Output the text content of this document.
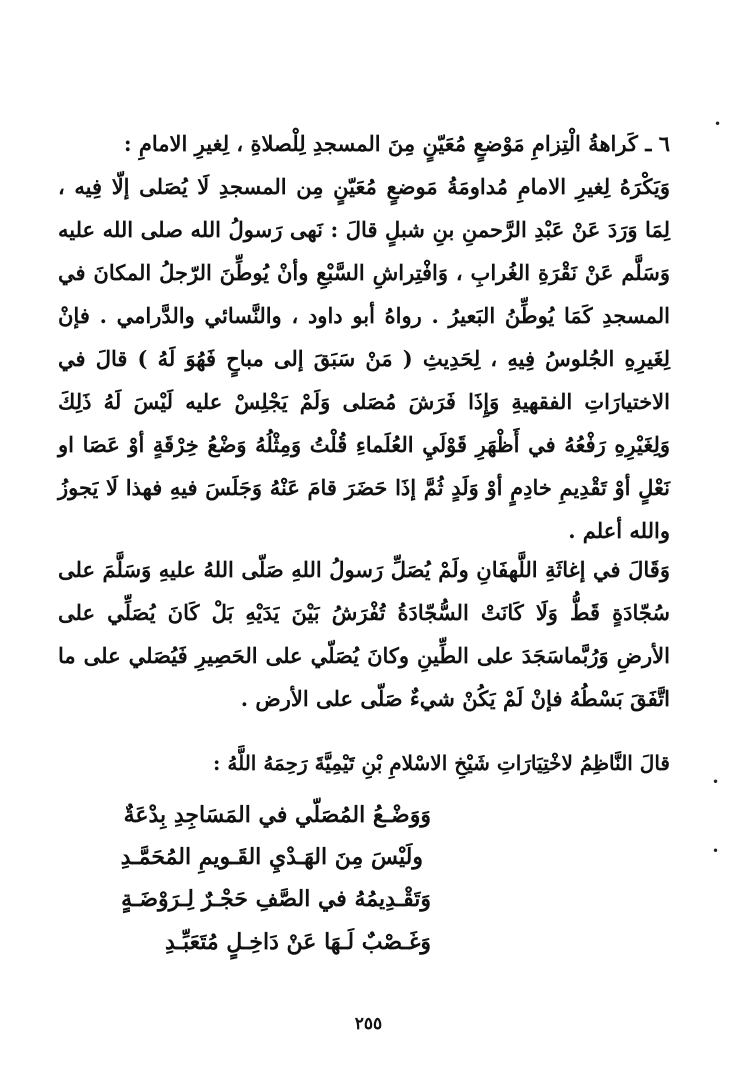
٦ ـ كَراهةُ الْتِزامِ مَوْضعٍ مُعَيّنٍ مِنَ المسجدِ لِلْصلاةِ ، لِغيرِ الامامِ :

وَيَكْرَهُ لِغيرِ الامامِ مُداومَةُ مَوضعٍ مُعَيّنٍ مِن المسجدِ لَا يُصَلى إلّا فِيه ، لِمَا وَرَدَ عَنْ عَبْدِ الرَّحمنِ بنِ شبلٍ قالَ : نَهى رَسولُ الله صلى الله عليه وَسَلَّم عَنْ نَقْرَةِ الغُرابِ ، وَافْتِراشِ السَّبْعِ وأنْ يُوطِّنَ الرّجلُ المكانَ في المسجدِ كَمَا يُوطِّنُ البَعيرُ . رواهُ أبو داود ، والنَّسائي والدَّرامي . فإنْ لِغَيرِهِ الجُلوسُ فِيهِ ، لِحَدِيثِ ( مَنْ سَبَقَ إلى مباحٍ فَهُوَ لَهُ ) قالَ في الاختيارَاتِ الفقهيةِ وَإِذَا فَرَشَ مُصَلى وَلَمْ يَجْلِسْ عليه لَيْسَ لَهُ ذَلِكَ وَلِغَيْرِهِ رَفْعُهُ في أَظْهَرِ قَوْلَيِ العُلَماءِ قُلْتُ وَمِثْلُهُ وَضْعُ خِرْقَةٍ أوْ عَصَا او نَعْلٍ أوْ تَقْدِيمِ خادِمٍ أوْ وَلَدٍ ثُمَّ إذَا حَضَرَ قامَ عَنْهُ وَجَلَسَ فيهِ فهذا لَا يَجوزُ والله أعلم .

وَقَالَ في إغاثَةِ اللَّهفَانِ ولَمْ يُصَلِّ رَسولُ اللهِ صَلّى اللهُ عليهِ وَسَلَّمَ على سُجّادَةٍ قَطُّ وَلَا كَانَتْ السُّجّادَةُ تُفْرَشُ بَيْنَ يَدَيْهِ بَلْ كَانَ يُصَلِّي على الأرضِ وَرُبَّماسَجَدَ على الطِّينِ وكانَ يُصَلّي على الحَصِيرِ فَيُصَلي على ما اتَّفَقَ بَسْطُهُ فإنْ لَمْ يَكُنْ شيءٌ صَلّى على الأرض .

قالَ النَّاظِمُ لاخْتِيَارَاتِ شَيْخِ الاسْلامِ بْنِ تَيْمِيَّةَ رَحِمَهُ اللَّهُ :

وَوَضْـعُ المُصَلّي في المَسَاجِدِ بِدْعَةٌ

ولَيْسَ مِنَ الهَـدْيِ القَـويمِ المُحَمَّـدِ

وَتَقْـدِيمُهُ في الصَّفِ حَجْـرٌ لِـرَوْضَـةٍ

وَغَـصْبٌ لَـهَا عَنْ دَاخِـلٍ مُتَعَبِّـدِ

٢٥٥
•
•
•
